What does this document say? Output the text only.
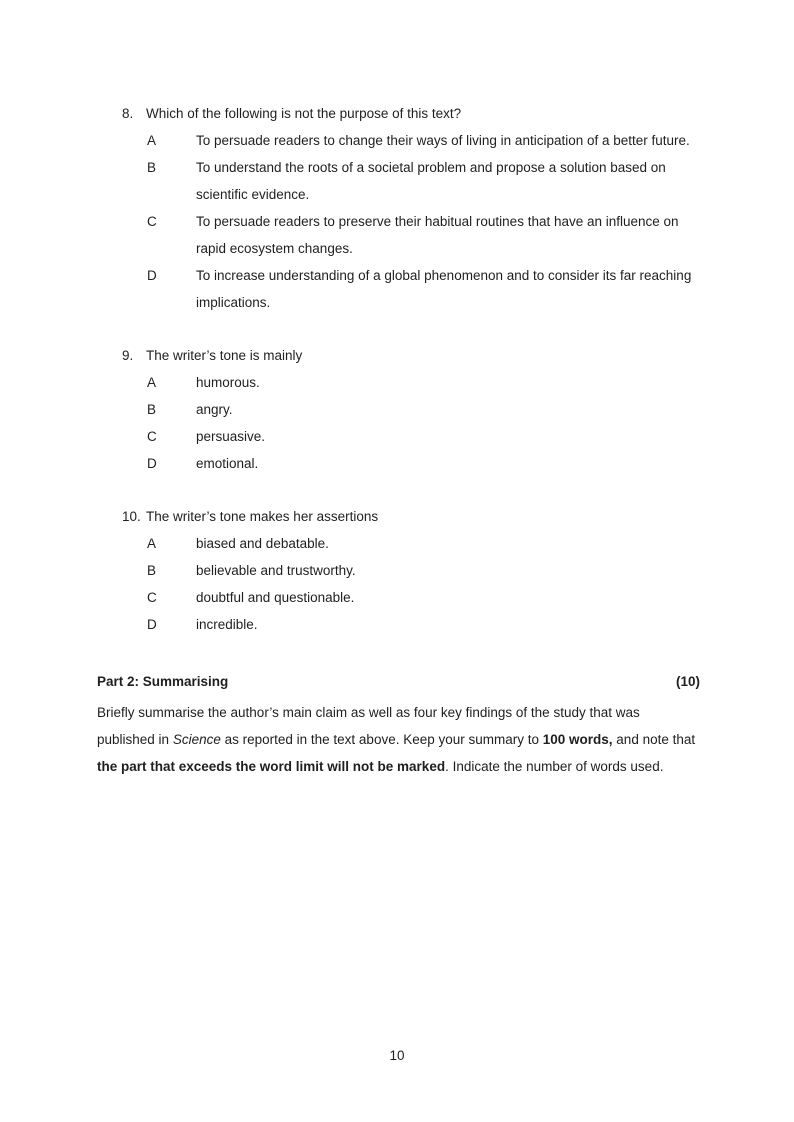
8. Which of the following is not the purpose of this text?
A	To persuade readers to change their ways of living in anticipation of a better future.
B	To understand the roots of a societal problem and propose a solution based on scientific evidence.
C	To persuade readers to preserve their habitual routines that have an influence on rapid ecosystem changes.
D	To increase understanding of a global phenomenon and to consider its far reaching implications.
9. The writer’s tone is mainly
A	humorous.
B	angry.
C	persuasive.
D	emotional.
10. The writer’s tone makes her assertions
A	biased and debatable.
B	believable and trustworthy.
C	doubtful and questionable.
D	incredible.
Part 2: Summarising	(10)
Briefly summarise the author’s main claim as well as four key findings of the study that was published in Science as reported in the text above. Keep your summary to 100 words, and note that the part that exceeds the word limit will not be marked. Indicate the number of words used.
10
